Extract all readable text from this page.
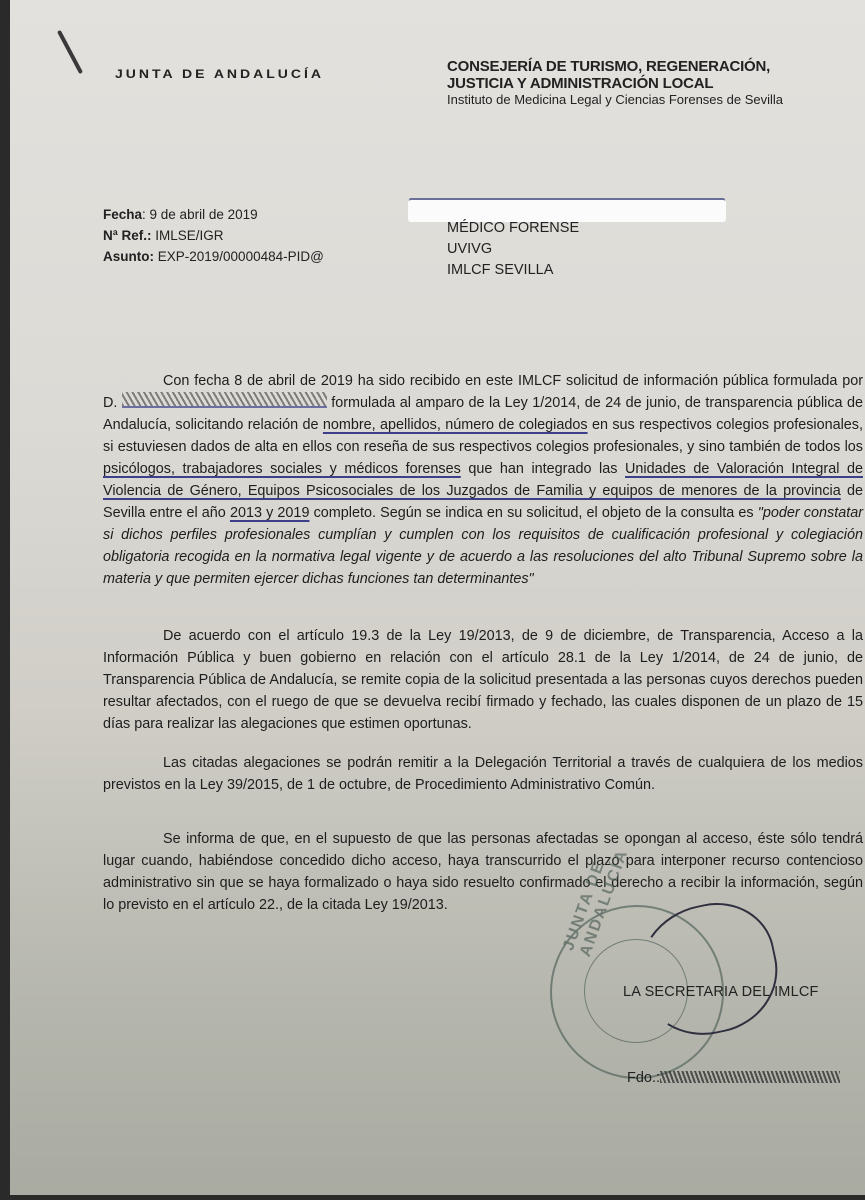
JUNTA DE ANDALUCÍA	CONSEJERÍA DE TURISMO, REGENERACIÓN,
JUSTICIA Y ADMINISTRACIÓN LOCAL
Instituto de Medicina Legal y Ciencias Forenses de Sevilla
Fecha: 9 de abril de 2019
Nª Ref.: IMLSE/IGR
Asunto: EXP-2019/00000484-PID@
MÉDICO FORENSE
UVIVG
IMLCF SEVILLA
Con fecha 8 de abril de 2019 ha sido recibido en este IMLCF solicitud de información pública formulada por D.	formulada al amparo de la Ley 1/2014, de 24 de junio, de transparencia pública de Andalucía, solicitando relación de nombre, apellidos, número de colegiados en sus respectivos colegios profesionales, si estuviesen dados de alta en ellos con reseña de sus respectivos colegios profesionales, y sino también de todos los psicólogos, trabajadores sociales y médicos forenses que han integrado las Unidades de Valoración Integral de Violencia de Género, Equipos Psicosociales de los Juzgados de Familia y equipos de menores de la provincia de Sevilla entre el año 2013 y 2019 completo. Según se indica en su solicitud, el objeto de la consulta es "poder constatar si dichos perfiles profesionales cumplían y cumplen con los requisitos de cualificación profesional y colegiación obligatoria recogida en la normativa legal vigente y de acuerdo a las resoluciones del alto Tribunal Supremo sobre la materia y que permiten ejercer dichas funciones tan determinantes"
De acuerdo con el artículo 19.3 de la Ley 19/2013, de 9 de diciembre, de Transparencia, Acceso a la Información Pública y buen gobierno en relación con el artículo 28.1 de la Ley 1/2014, de 24 de junio, de Transparencia Pública de Andalucía, se remite copia de la solicitud presentada a las personas cuyos derechos pueden resultar afectados, con el ruego de que se devuelva recibí firmado y fechado, las cuales disponen de un plazo de 15 días para realizar las alegaciones que estimen oportunas.
Las citadas alegaciones se podrán remitir a la Delegación Territorial a través de cualquiera de los medios previstos en la Ley 39/2015, de 1 de octubre, de Procedimiento Administrativo Común.
Se informa de que, en el supuesto de que las personas afectadas se opongan al acceso, éste sólo tendrá lugar cuando, habiéndose concedido dicho acceso, haya transcurrido el plazo para interponer recurso contencioso administrativo sin que se haya formalizado o haya sido resuelto confirmado el derecho a recibir la información, según lo previsto en el artículo 22., de la citada Ley 19/2013.	JUNTA DE ANDALUCÍA
LA SECRETARIA DEL IMLCF
Fdo.:
